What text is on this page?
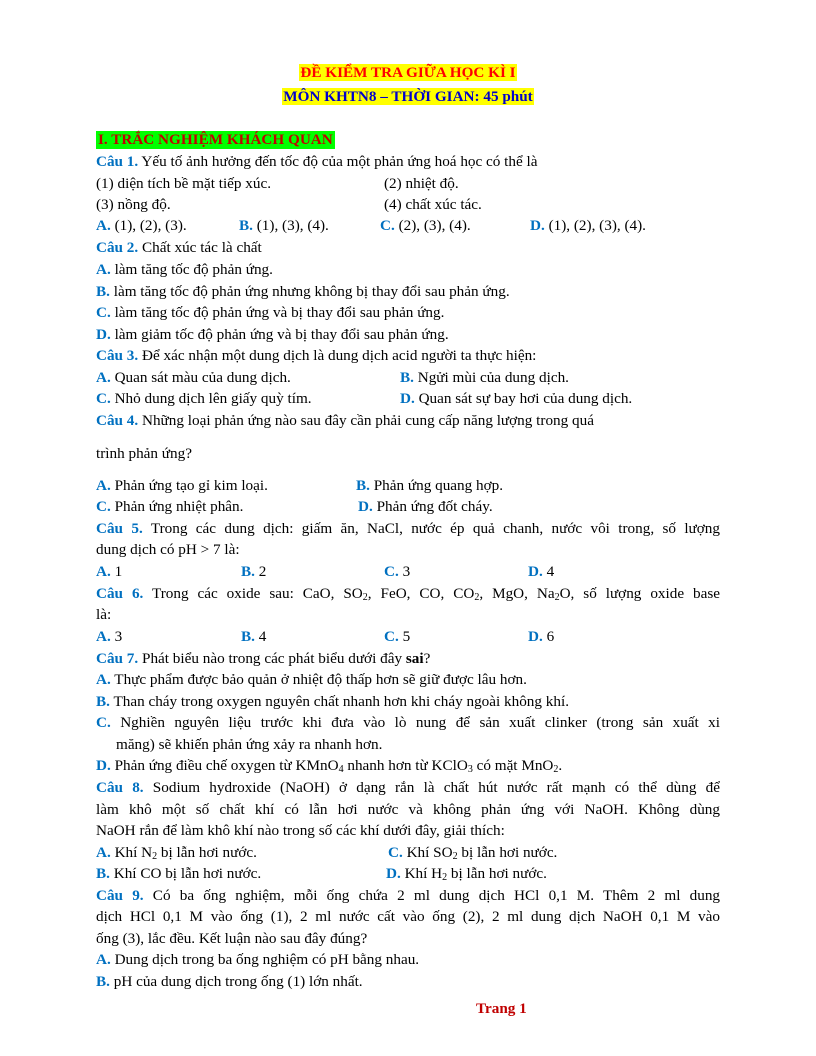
ĐỀ KIỂM TRA GIỮA HỌC KÌ I
MÔN KHTN8 – THỜI GIAN: 45 phút
I. TRẮC NGHIỆM KHÁCH QUAN
Câu 1. Yếu tố ảnh hưởng đến tốc độ của một phản ứng hoá học có thể là
(1) diện tích bề mặt tiếp xúc.	(2) nhiệt độ.
(3) nồng độ.	(4) chất xúc tác.
A. (1), (2), (3).	B. (1), (3), (4).	C. (2), (3), (4).	D. (1), (2), (3), (4).
Câu 2. Chất xúc tác là chất
A. làm tăng tốc độ phản ứng.
B. làm tăng tốc độ phản ứng nhưng không bị thay đổi sau phản ứng.
C. làm tăng tốc độ phản ứng và bị thay đổi sau phản ứng.
D. làm giảm tốc độ phản ứng và bị thay đổi sau phản ứng.
Câu 3. Để xác nhận một dung dịch là dung dịch acid người ta thực hiện:
A. Quan sát màu của dung dịch.	B. Ngửi mùi của dung dịch.
C. Nhỏ dung dịch lên giấy quỳ tím.	D. Quan sát sự bay hơi của dung dịch.
Câu 4. Những loại phản ứng nào sau đây cần phải cung cấp năng lượng trong quá
trình phản ứng?
A. Phản ứng tạo gỉ kim loại.	B. Phản ứng quang hợp.
C. Phản ứng nhiệt phân.	D. Phản ứng đốt cháy.
Câu 5. Trong các dung dịch: giấm ăn, NaCl, nước ép quả chanh, nước vôi trong, số lượng
dung dịch có pH > 7 là:
A. 1	B. 2	C. 3	D. 4
Câu 6. Trong các oxide sau: CaO, $SO_2$, FeO, CO, $CO_2$, MgO, $Na_2O$, số lượng oxide base
là:
A. 3	B. 4	C. 5	D. 6
Câu 7. Phát biểu nào trong các phát biểu dưới đây sai?
A. Thực phẩm được bảo quản ở nhiệt độ thấp hơn sẽ giữ được lâu hơn.
B. Than cháy trong oxygen nguyên chất nhanh hơn khi cháy ngoài không khí.
C. Nghiền nguyên liệu trước khi đưa vào lò nung để sản xuất clinker (trong sản xuất xi
măng) sẽ khiến phản ứng xảy ra nhanh hơn.
D. Phản ứng điều chế oxygen từ KMnO$_4$ nhanh hơn từ KClO$_3$ có mặt MnO$_2$.
Câu 8. Sodium hydroxide (NaOH) ở dạng rắn là chất hút nước rất mạnh có thể dùng để
làm khô một số chất khí có lẫn hơi nước và không phản ứng với NaOH. Không dùng
NaOH rắn để làm khô khí nào trong số các khí dưới đây, giải thích:
A. Khí $N_2$ bị lẫn hơi nước.	C. Khí $SO_2$ bị lẫn hơi nước.
B. Khí CO bị lẫn hơi nước.	D. Khí $H_2$ bị lẫn hơi nước.
Câu 9. Có ba ống nghiệm, mỗi ống chứa 2 ml dung dịch HCl 0,1 M. Thêm 2 ml dung
dịch HCl 0,1 M vào ống (1), 2 ml nước cất vào ống (2), 2 ml dung dịch NaOH 0,1 M vào
ống (3), lắc đều. Kết luận nào sau đây đúng?
A. Dung dịch trong ba ống nghiệm có pH bằng nhau.
B. pH của dung dịch trong ống (1) lớn nhất.
Trang 1
